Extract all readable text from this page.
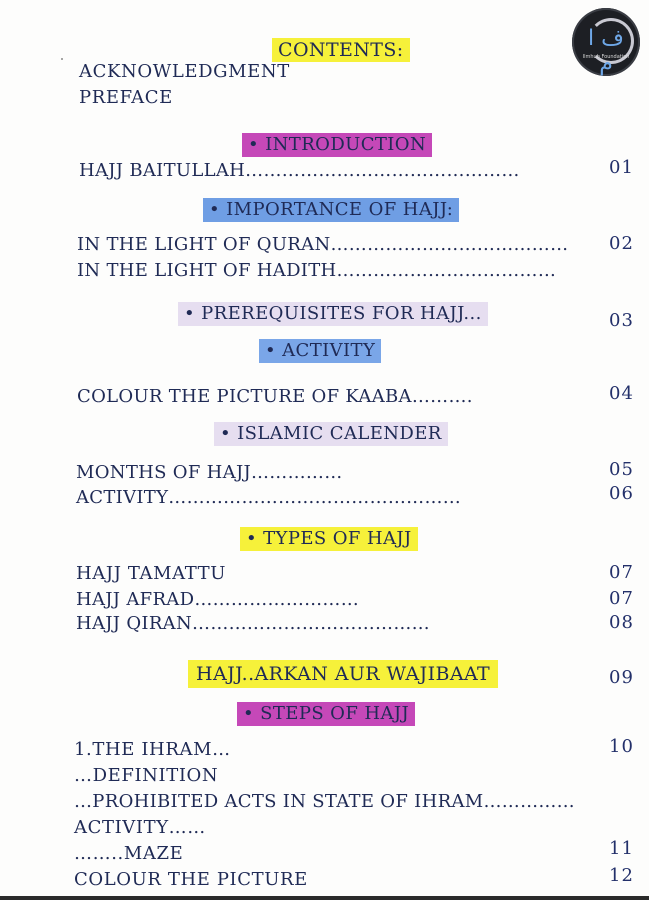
ف ا م
Ilmhub Foundation
CONTENTS:
ACKNOWLEDGMENT
PREFACE
• INTRODUCTION
HAJJ BAITULLAH………………………………………	01
• IMPORTANCE OF HAJJ:
IN THE LIGHT OF QURAN………………………………… 02
IN THE LIGHT OF HADITH………………………………
• PREREQUISITES FOR HAJJ...	03
• ACTIVITY
COLOUR THE PICTURE OF KAABA……….	04
• ISLAMIC CALENDER
MONTHS OF HAJJ……………	05
ACTIVITY…………………………………………	06
• TYPES OF HAJJ
HAJJ TAMATTU	07
HAJJ AFRAD………………………	07
HAJJ QIRAN…………………………………	08
HAJJ..ARKAN AUR WAJIBAAT	09
• STEPS OF HAJJ
1.THE IHRAM…	10
…DEFINITION
…PROHIBITED ACTS IN STATE OF IHRAM……………
ACTIVITY……
……..MAZE	11
COLOUR THE PICTURE	12
